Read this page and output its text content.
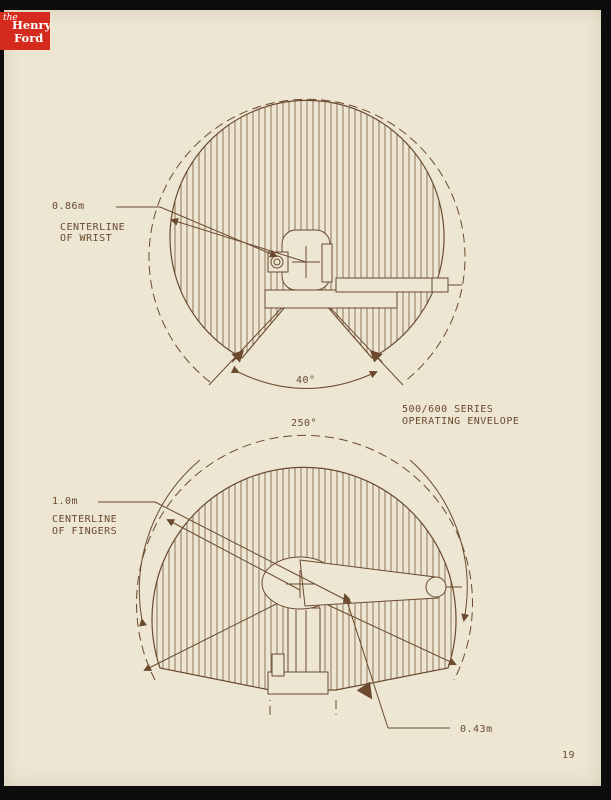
the
Henry
Ford
0.86m
CENTERLINE
OF WRIST
40°
500/600 SERIES
OPERATING ENVELOPE
250°
1.0m
CENTERLINE
OF FINGERS
0.43m
19
